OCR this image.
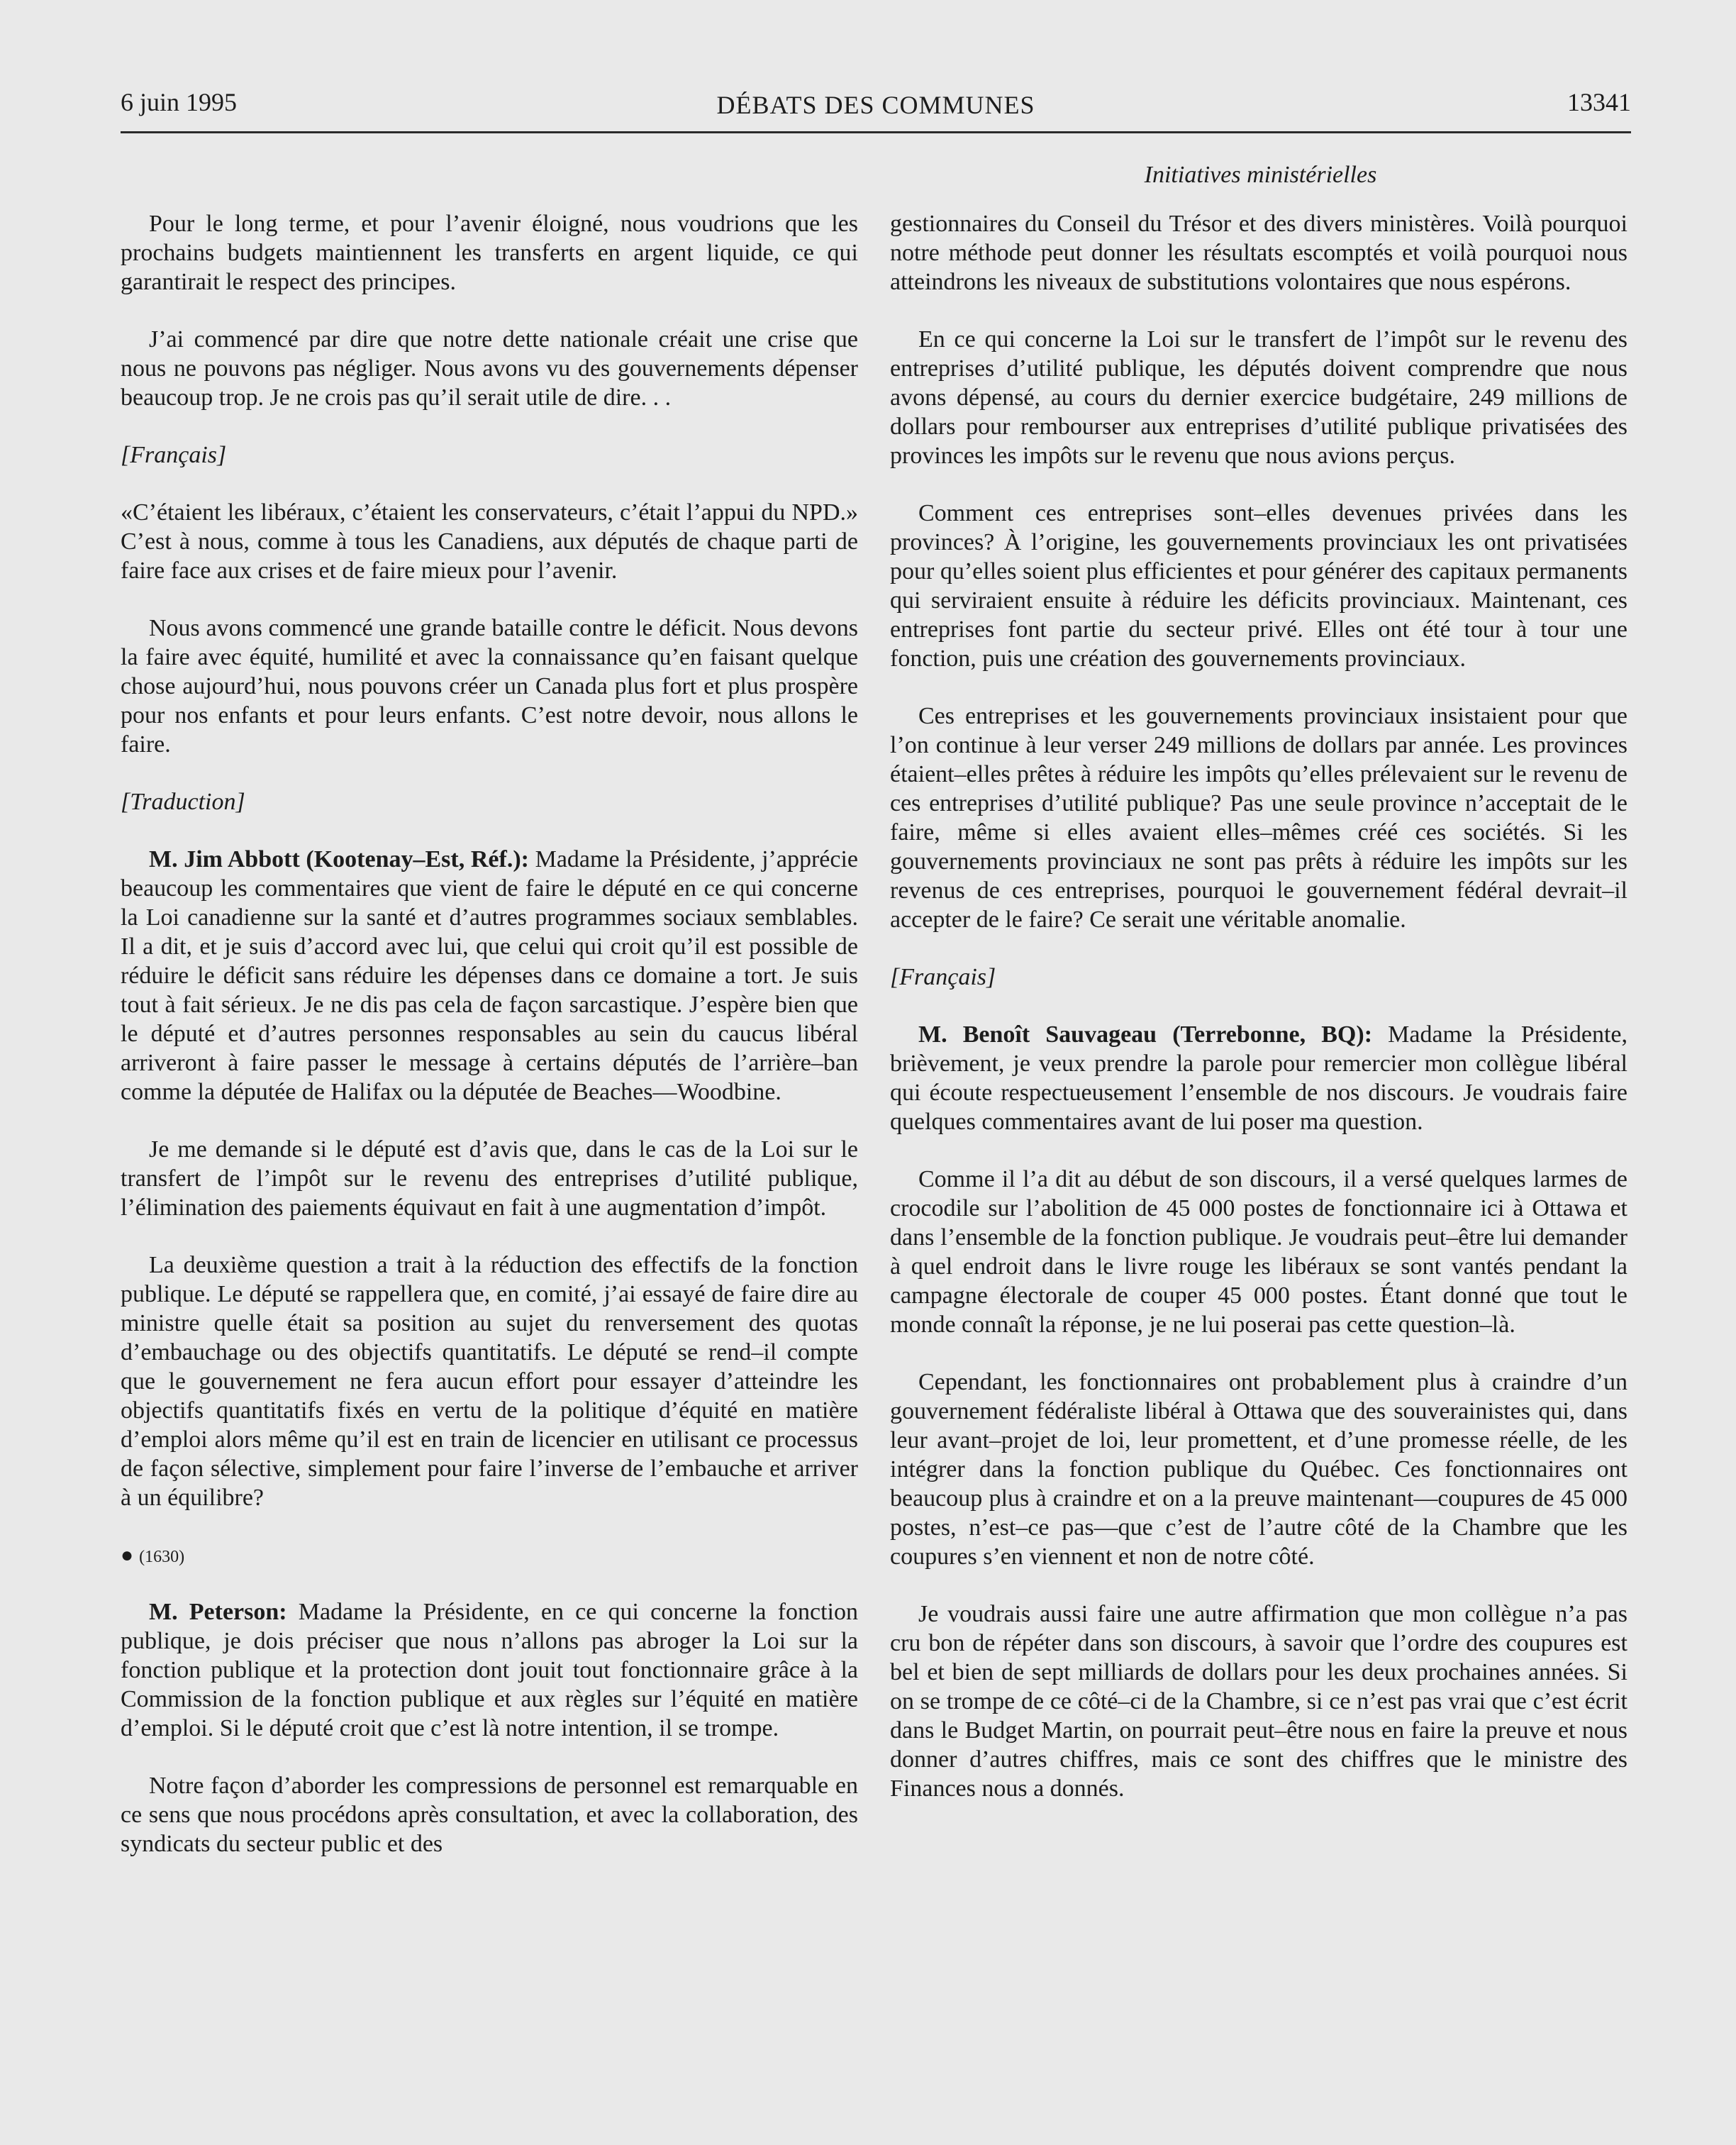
6 juin 1995	DÉBATS DES COMMUNES	13341
Initiatives ministérielles

Pour le long terme, et pour l’avenir éloigné, nous voudrions que les prochains budgets maintiennent les transferts en argent liquide, ce qui garantirait le respect des principes.

J’ai commencé par dire que notre dette nationale créait une crise que nous ne pouvons pas négliger. Nous avons vu des gouvernements dépenser beaucoup trop. Je ne crois pas qu’il serait utile de dire. . .

[Français]

«C’étaient les libéraux, c’étaient les conservateurs, c’était l’appui du NPD.» C’est à nous, comme à tous les Canadiens, aux députés de chaque parti de faire face aux crises et de faire mieux pour l’avenir.

Nous avons commencé une grande bataille contre le déficit. Nous devons la faire avec équité, humilité et avec la connaissance qu’en faisant quelque chose aujourd’hui, nous pouvons créer un Canada plus fort et plus prospère pour nos enfants et pour leurs enfants. C’est notre devoir, nous allons le faire.

[Traduction]

M. Jim Abbott (Kootenay–Est, Réf.): Madame la Présidente, j’apprécie beaucoup les commentaires que vient de faire le député en ce qui concerne la Loi canadienne sur la santé et d’autres programmes sociaux semblables. Il a dit, et je suis d’accord avec lui, que celui qui croit qu’il est possible de réduire le déficit sans réduire les dépenses dans ce domaine a tort. Je suis tout à fait sérieux. Je ne dis pas cela de façon sarcastique. J’espère bien que le député et d’autres personnes responsables au sein du caucus libéral arriveront à faire passer le message à certains députés de l’arrière–ban comme la députée de Halifax ou la députée de Beaches—Woodbine.

Je me demande si le député est d’avis que, dans le cas de la Loi sur le transfert de l’impôt sur le revenu des entreprises d’utilité publique, l’élimination des paiements équivaut en fait à une augmentation d’impôt.

La deuxième question a trait à la réduction des effectifs de la fonction publique. Le député se rappellera que, en comité, j’ai essayé de faire dire au ministre quelle était sa position au sujet du renversement des quotas d’embauchage ou des objectifs quantitatifs. Le député se rend–il compte que le gouvernement ne fera aucun effort pour essayer d’atteindre les objectifs quantitatifs fixés en vertu de la politique d’équité en matière d’emploi alors même qu’il est en train de licencier en utilisant ce processus de façon sélective, simplement pour faire l’inverse de l’embauche et arriver à un équilibre?

● (1630)

M. Peterson: Madame la Présidente, en ce qui concerne la fonction publique, je dois préciser que nous n’allons pas abroger la Loi sur la fonction publique et la protection dont jouit tout fonctionnaire grâce à la Commission de la fonction publique et aux règles sur l’équité en matière d’emploi. Si le député croit que c’est là notre intention, il se trompe.

Notre façon d’aborder les compressions de personnel est remarquable en ce sens que nous procédons après consultation, et avec la collaboration, des syndicats du secteur public et des

gestionnaires du Conseil du Trésor et des divers ministères. Voilà pourquoi notre méthode peut donner les résultats escomptés et voilà pourquoi nous atteindrons les niveaux de substitutions volontaires que nous espérons.

En ce qui concerne la Loi sur le transfert de l’impôt sur le revenu des entreprises d’utilité publique, les députés doivent comprendre que nous avons dépensé, au cours du dernier exercice budgétaire, 249 millions de dollars pour rembourser aux entreprises d’utilité publique privatisées des provinces les impôts sur le revenu que nous avions perçus.

Comment ces entreprises sont–elles devenues privées dans les provinces? À l’origine, les gouvernements provinciaux les ont privatisées pour qu’elles soient plus efficientes et pour générer des capitaux permanents qui serviraient ensuite à réduire les déficits provinciaux. Maintenant, ces entreprises font partie du secteur privé. Elles ont été tour à tour une fonction, puis une création des gouvernements provinciaux.

Ces entreprises et les gouvernements provinciaux insistaient pour que l’on continue à leur verser 249 millions de dollars par année. Les provinces étaient–elles prêtes à réduire les impôts qu’elles prélevaient sur le revenu de ces entreprises d’utilité publique? Pas une seule province n’acceptait de le faire, même si elles avaient elles–mêmes créé ces sociétés. Si les gouvernements provinciaux ne sont pas prêts à réduire les impôts sur les revenus de ces entreprises, pourquoi le gouvernement fédéral devrait–il accepter de le faire? Ce serait une véritable anomalie.

[Français]

M. Benoît Sauvageau (Terrebonne, BQ): Madame la Présidente, brièvement, je veux prendre la parole pour remercier mon collègue libéral qui écoute respectueusement l’ensemble de nos discours. Je voudrais faire quelques commentaires avant de lui poser ma question.

Comme il l’a dit au début de son discours, il a versé quelques larmes de crocodile sur l’abolition de 45 000 postes de fonctionnaire ici à Ottawa et dans l’ensemble de la fonction publique. Je voudrais peut–être lui demander à quel endroit dans le livre rouge les libéraux se sont vantés pendant la campagne électorale de couper 45 000 postes. Étant donné que tout le monde connaît la réponse, je ne lui poserai pas cette question–là.

Cependant, les fonctionnaires ont probablement plus à craindre d’un gouvernement fédéraliste libéral à Ottawa que des souverainistes qui, dans leur avant–projet de loi, leur promettent, et d’une promesse réelle, de les intégrer dans la fonction publique du Québec. Ces fonctionnaires ont beaucoup plus à craindre et on a la preuve maintenant—coupures de 45 000 postes, n’est–ce pas—que c’est de l’autre côté de la Chambre que les coupures s’en viennent et non de notre côté.

Je voudrais aussi faire une autre affirmation que mon collègue n’a pas cru bon de répéter dans son discours, à savoir que l’ordre des coupures est bel et bien de sept milliards de dollars pour les deux prochaines années. Si on se trompe de ce côté–ci de la Chambre, si ce n’est pas vrai que c’est écrit dans le Budget Martin, on pourrait peut–être nous en faire la preuve et nous donner d’autres chiffres, mais ce sont des chiffres que le ministre des Finances nous a donnés.
